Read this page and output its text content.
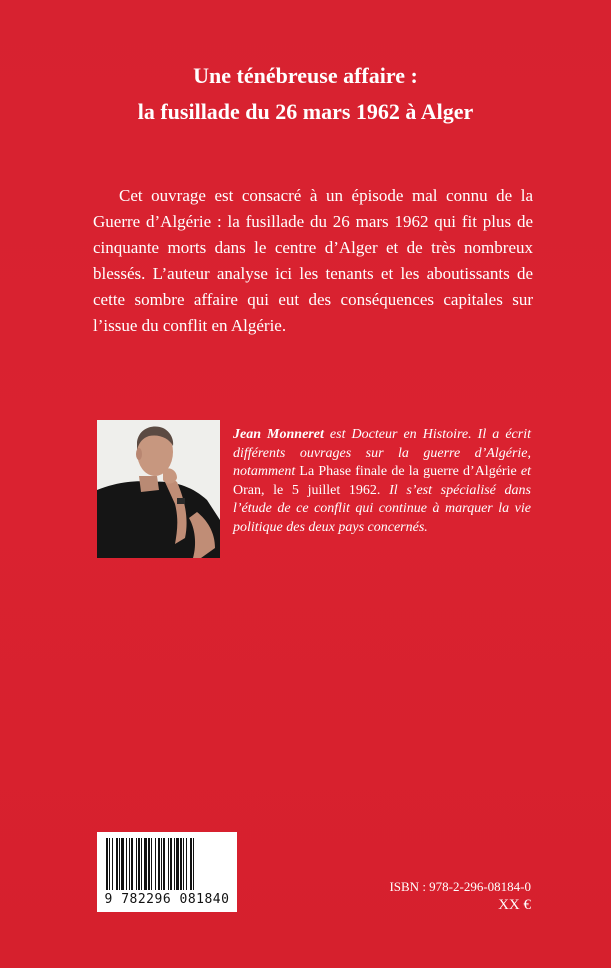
Une ténébreuse affaire :
la fusillade du 26 mars 1962 à Alger
Cet ouvrage est consacré à un épisode mal connu de la Guerre d’Algérie : la fusillade du 26 mars 1962 qui fit plus de cinquante morts dans le centre d’Alger et de très nombreux blessés. L’auteur analyse ici les tenants et les aboutissants de cette sombre affaire qui eut des conséquences capitales sur l’issue du conflit en Algérie.
Jean Monneret est Docteur en Histoire. Il a écrit différents ouvrages sur la guerre d’Algérie, notamment La Phase finale de la guerre d’Algérie et Oran, le 5 juillet 1962. Il s’est spécialisé dans l’étude de ce conflit qui continue à marquer la vie politique des deux pays concernés.
9 782296 081840
ISBN : 978-2-296-08184-0
XX €
